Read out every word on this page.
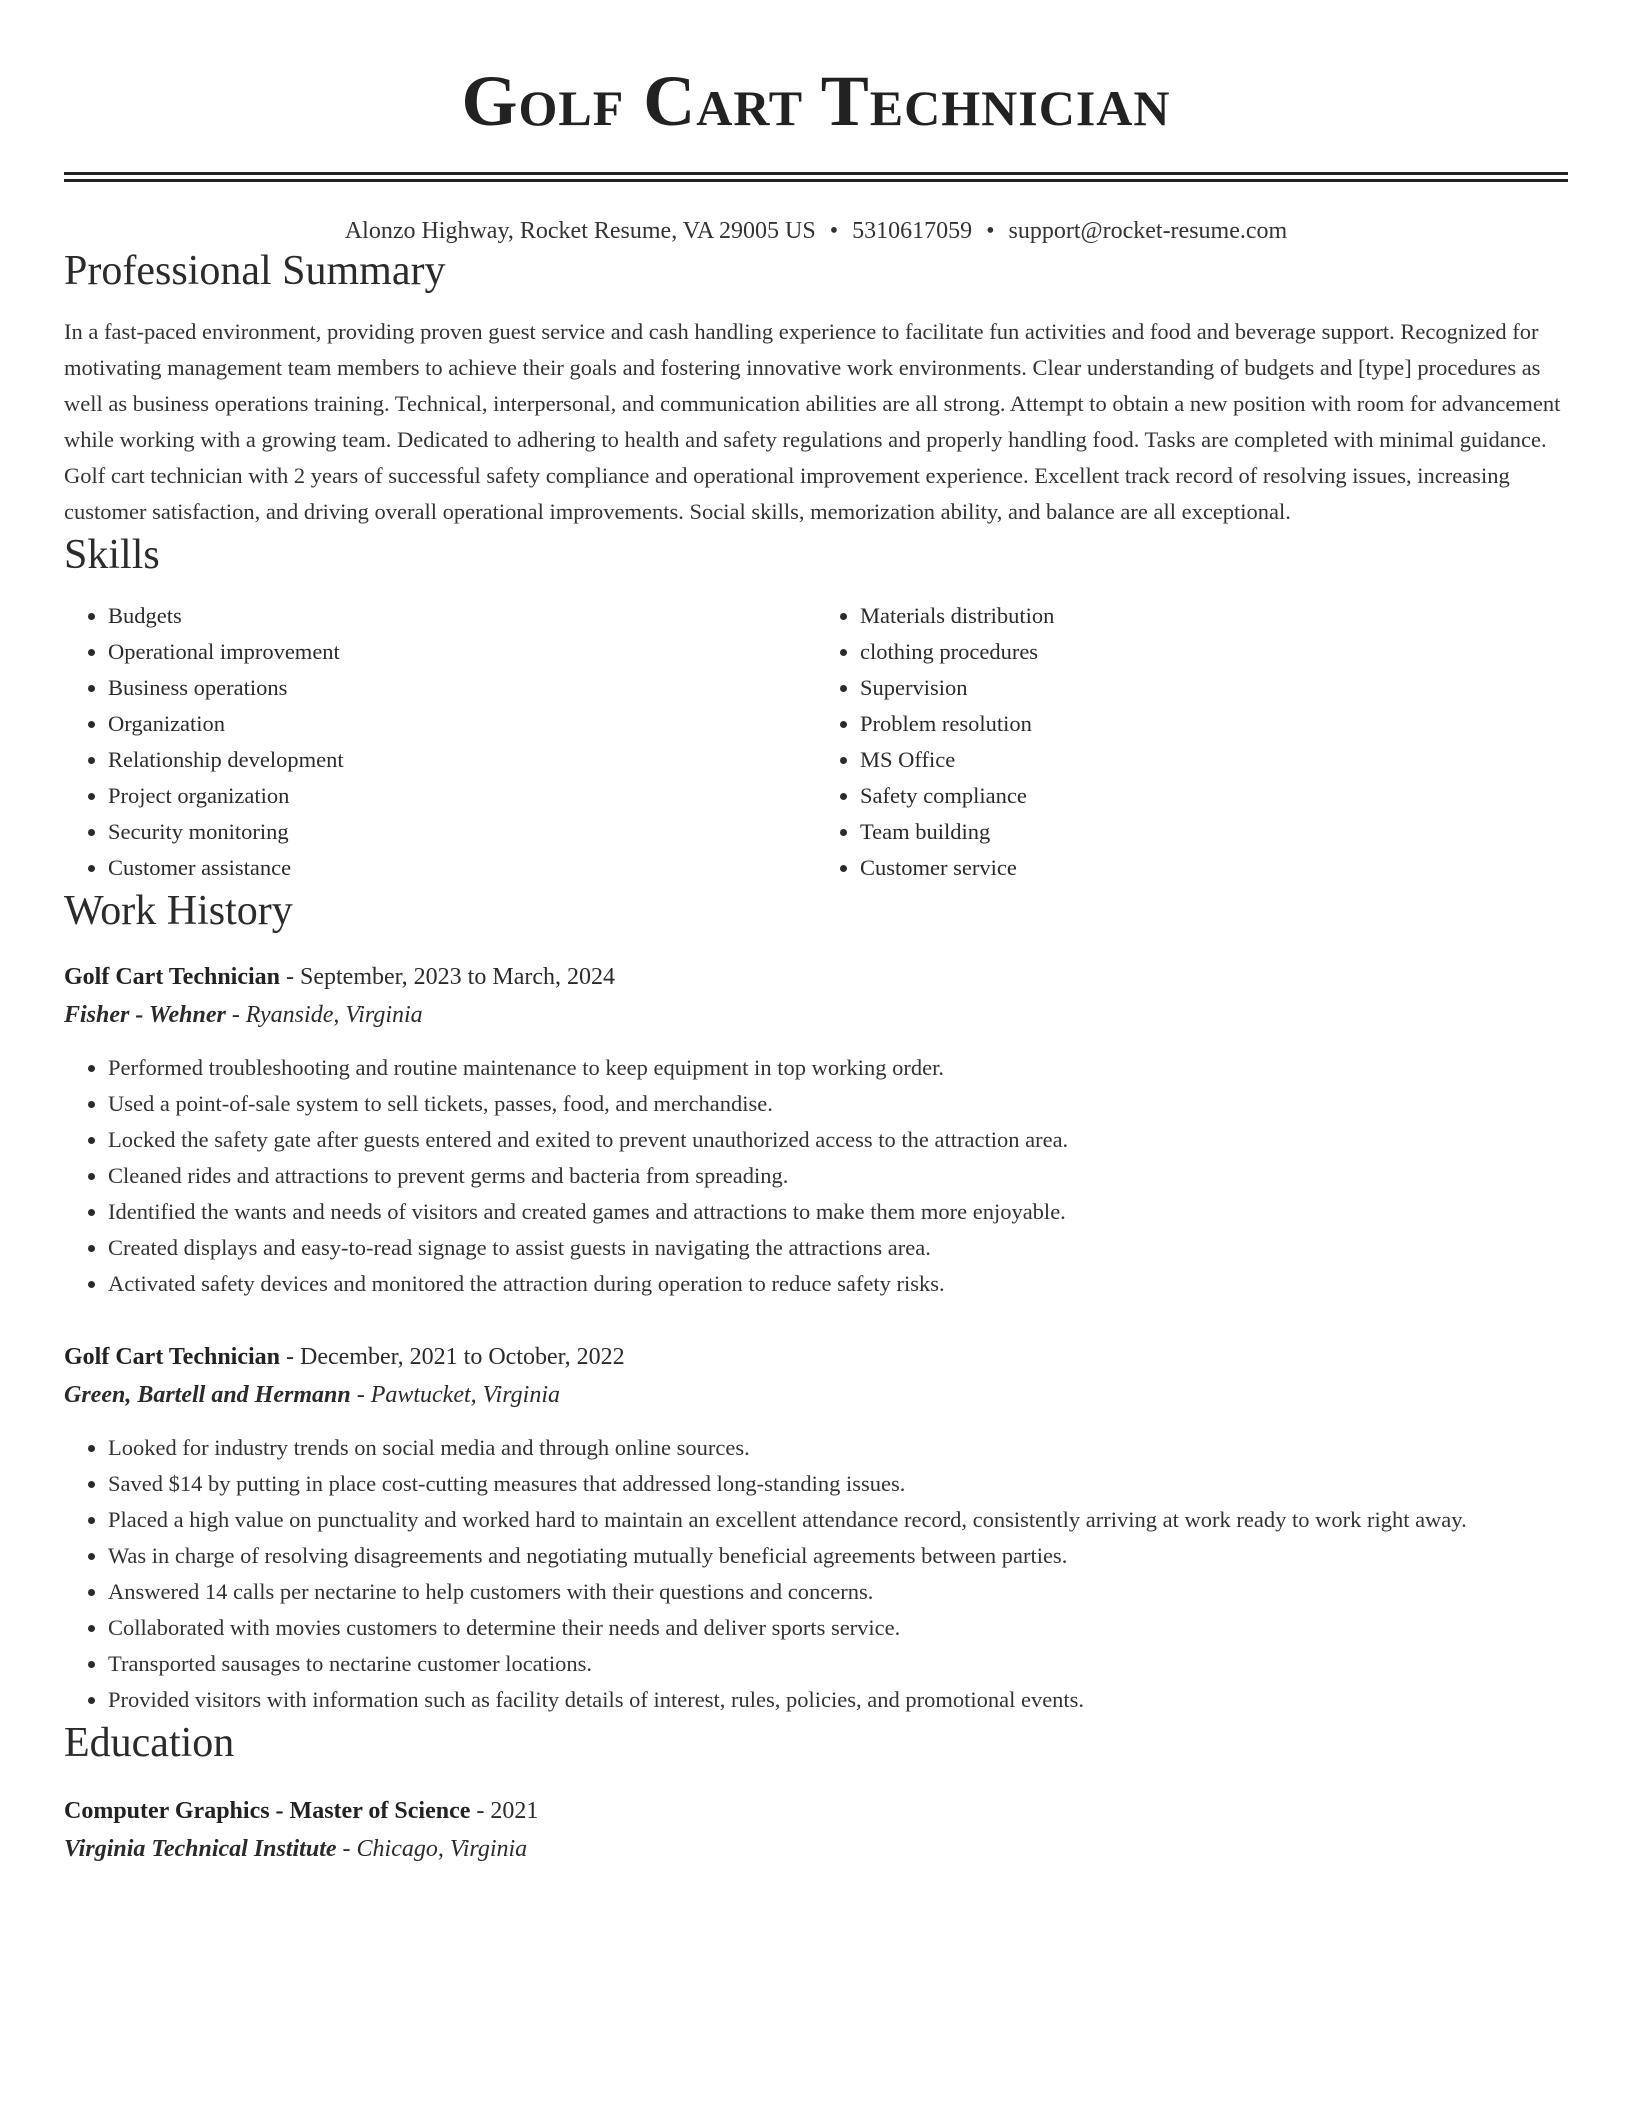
Golf Cart Technician
Alonzo Highway, Rocket Resume, VA 29005 US • 5310617059 • support@rocket-resume.com
Professional Summary

In a fast-paced environment, providing proven guest service and cash handling experience to facilitate fun activities and food and beverage support. Recognized for motivating management team members to achieve their goals and fostering innovative work environments. Clear understanding of budgets and [type] procedures as well as business operations training. Technical, interpersonal, and communication abilities are all strong. Attempt to obtain a new position with room for advancement while working with a growing team. Dedicated to adhering to health and safety regulations and properly handling food. Tasks are completed with minimal guidance. Golf cart technician with 2 years of successful safety compliance and operational improvement experience. Excellent track record of resolving issues, increasing customer satisfaction, and driving overall operational improvements. Social skills, memorization ability, and balance are all exceptional.

Skills
• Budgets
• Operational improvement
• Business operations
• Organization
• Relationship development
• Project organization
• Security monitoring
• Customer assistance
• Materials distribution
• clothing procedures
• Supervision
• Problem resolution
• MS Office
• Safety compliance
• Team building
• Customer service
Work History
Golf Cart Technician - September, 2023 to March, 2024
Fisher - Wehner - Ryanside, Virginia
• Performed troubleshooting and routine maintenance to keep equipment in top working order.
• Used a point-of-sale system to sell tickets, passes, food, and merchandise.
• Locked the safety gate after guests entered and exited to prevent unauthorized access to the attraction area.
• Cleaned rides and attractions to prevent germs and bacteria from spreading.
• Identified the wants and needs of visitors and created games and attractions to make them more enjoyable.
• Created displays and easy-to-read signage to assist guests in navigating the attractions area.
• Activated safety devices and monitored the attraction during operation to reduce safety risks.
Golf Cart Technician - December, 2021 to October, 2022
Green, Bartell and Hermann - Pawtucket, Virginia
• Looked for industry trends on social media and through online sources.
• Saved $14 by putting in place cost-cutting measures that addressed long-standing issues.
• Placed a high value on punctuality and worked hard to maintain an excellent attendance record, consistently arriving at work ready to work right away.
• Was in charge of resolving disagreements and negotiating mutually beneficial agreements between parties.
• Answered 14 calls per nectarine to help customers with their questions and concerns.
• Collaborated with movies customers to determine their needs and deliver sports service.
• Transported sausages to nectarine customer locations.
• Provided visitors with information such as facility details of interest, rules, policies, and promotional events.
Education
Computer Graphics - Master of Science - 2021
Virginia Technical Institute - Chicago, Virginia
